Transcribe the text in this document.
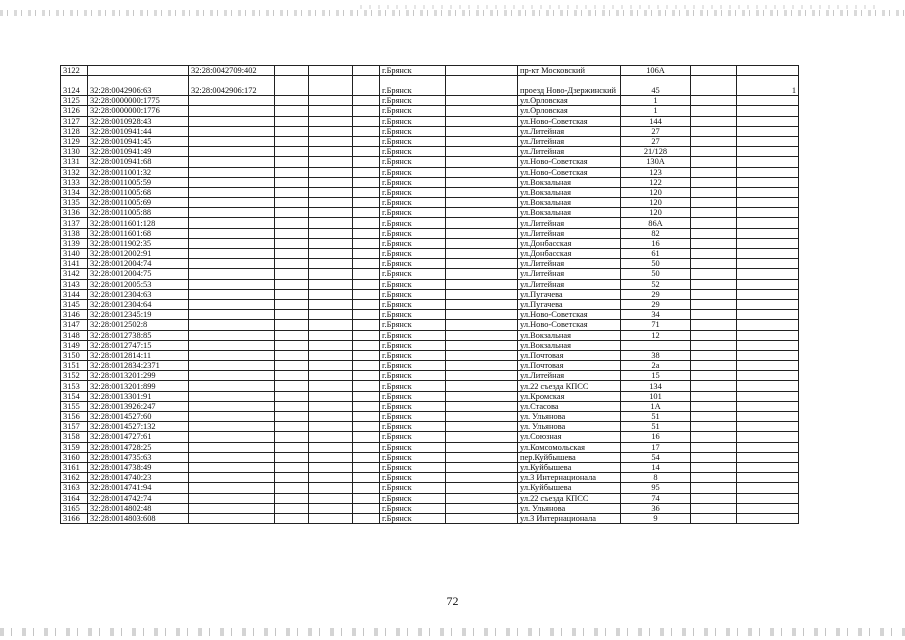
3122		32:28:0042709:402				г.Брянск		пр-кт Московский	106А		
3124	32:28:0042906:63	32:28:0042906:172				г.Брянск		проезд Ново-Дзержинский	45		1
3125	32:28:0000000:1775					г.Брянск		ул.Орловская	1		
3126	32:28:0000000:1776					г.Брянск		ул.Орловская	1		
3127	32:28:0010928:43					г.Брянск		ул.Ново-Советская	144		
3128	32:28:0010941:44					г.Брянск		ул.Литейная	27		
3129	32:28:0010941:45					г.Брянск		ул.Литейная	27		
3130	32:28:0010941:49					г.Брянск		ул.Литейная	21/128		
3131	32:28:0010941:68					г.Брянск		ул.Ново-Советская	130А		
3132	32:28:0011001:32					г.Брянск		ул.Ново-Советская	123		
3133	32:28:0011005:59					г.Брянск		ул.Вокзальная	122		
3134	32:28:0011005:68					г.Брянск		ул.Вокзальная	120		
3135	32:28:0011005:69					г.Брянск		ул.Вокзальная	120		
3136	32:28:0011005:88					г.Брянск		ул.Вокзальная	120		
3137	32:28:0011601:128					г.Брянск		ул.Литейная	86А		
3138	32:28:0011601:68					г.Брянск		ул.Литейная	82		
3139	32:28:0011902:35					г.Брянск		ул.Донбасская	16		
3140	32:28:0012002:91					г.Брянск		ул.Донбасская	61		
3141	32:28:0012004:74					г.Брянск		ул.Литейная	50		
3142	32:28:0012004:75					г.Брянск		ул.Литейная	50		
3143	32:28:0012005:53					г.Брянск		ул.Литейная	52		
3144	32:28:0012304:63					г.Брянск		ул.Пугачева	29		
3145	32:28:0012304:64					г.Брянск		ул.Пугачева	29		
3146	32:28:0012345:19					г.Брянск		ул.Ново-Советская	34		
3147	32:28:0012502:8					г.Брянск		ул.Ново-Советская	71		
3148	32:28:0012738:85					г.Брянск		ул.Вокзальная	12		
3149	32:28:0012747:15					г.Брянск		ул.Вокзальная			
3150	32:28:0012814:11					г.Брянск		ул.Почтовая	38		
3151	32:28:0012834:2371					г.Брянск		ул.Почтовая	2а		
3152	32:28:0013201:299					г.Брянск		ул.Литейная	15		
3153	32:28:0013201:899					г.Брянск		ул.22 съезда КПСС	134		
3154	32:28:0013301:91					г.Брянск		ул.Кромская	101		
3155	32:28:0013926:247					г.Брянск		ул.Стасова	1А		
3156	32:28:0014527:60					г.Брянск		ул. Ульянова	51		
3157	32:28:0014527:132					г.Брянск		ул. Ульянова	51		
3158	32:28:0014727:61					г.Брянск		ул.Союзная	16		
3159	32:28:0014728:25					г.Брянск		ул.Комсомольская	17		
3160	32:28:0014735:63					г.Брянск		пер.Куйбышева	54		
3161	32:28:0014738:49					г.Брянск		ул.Куйбышева	14		
3162	32:28:0014740:23					г.Брянск		ул.3 Интернационала	8		
3163	32:28:0014741:94					г.Брянск		ул.Куйбышева	95		
3164	32:28:0014742:74					г.Брянск		ул.22 съезда КПСС	74		
3165	32:28:0014802:48					г.Брянск		ул. Ульянова	36		
3166	32:28:0014803:608					г.Брянск		ул.3 Интернационала	9		
72
